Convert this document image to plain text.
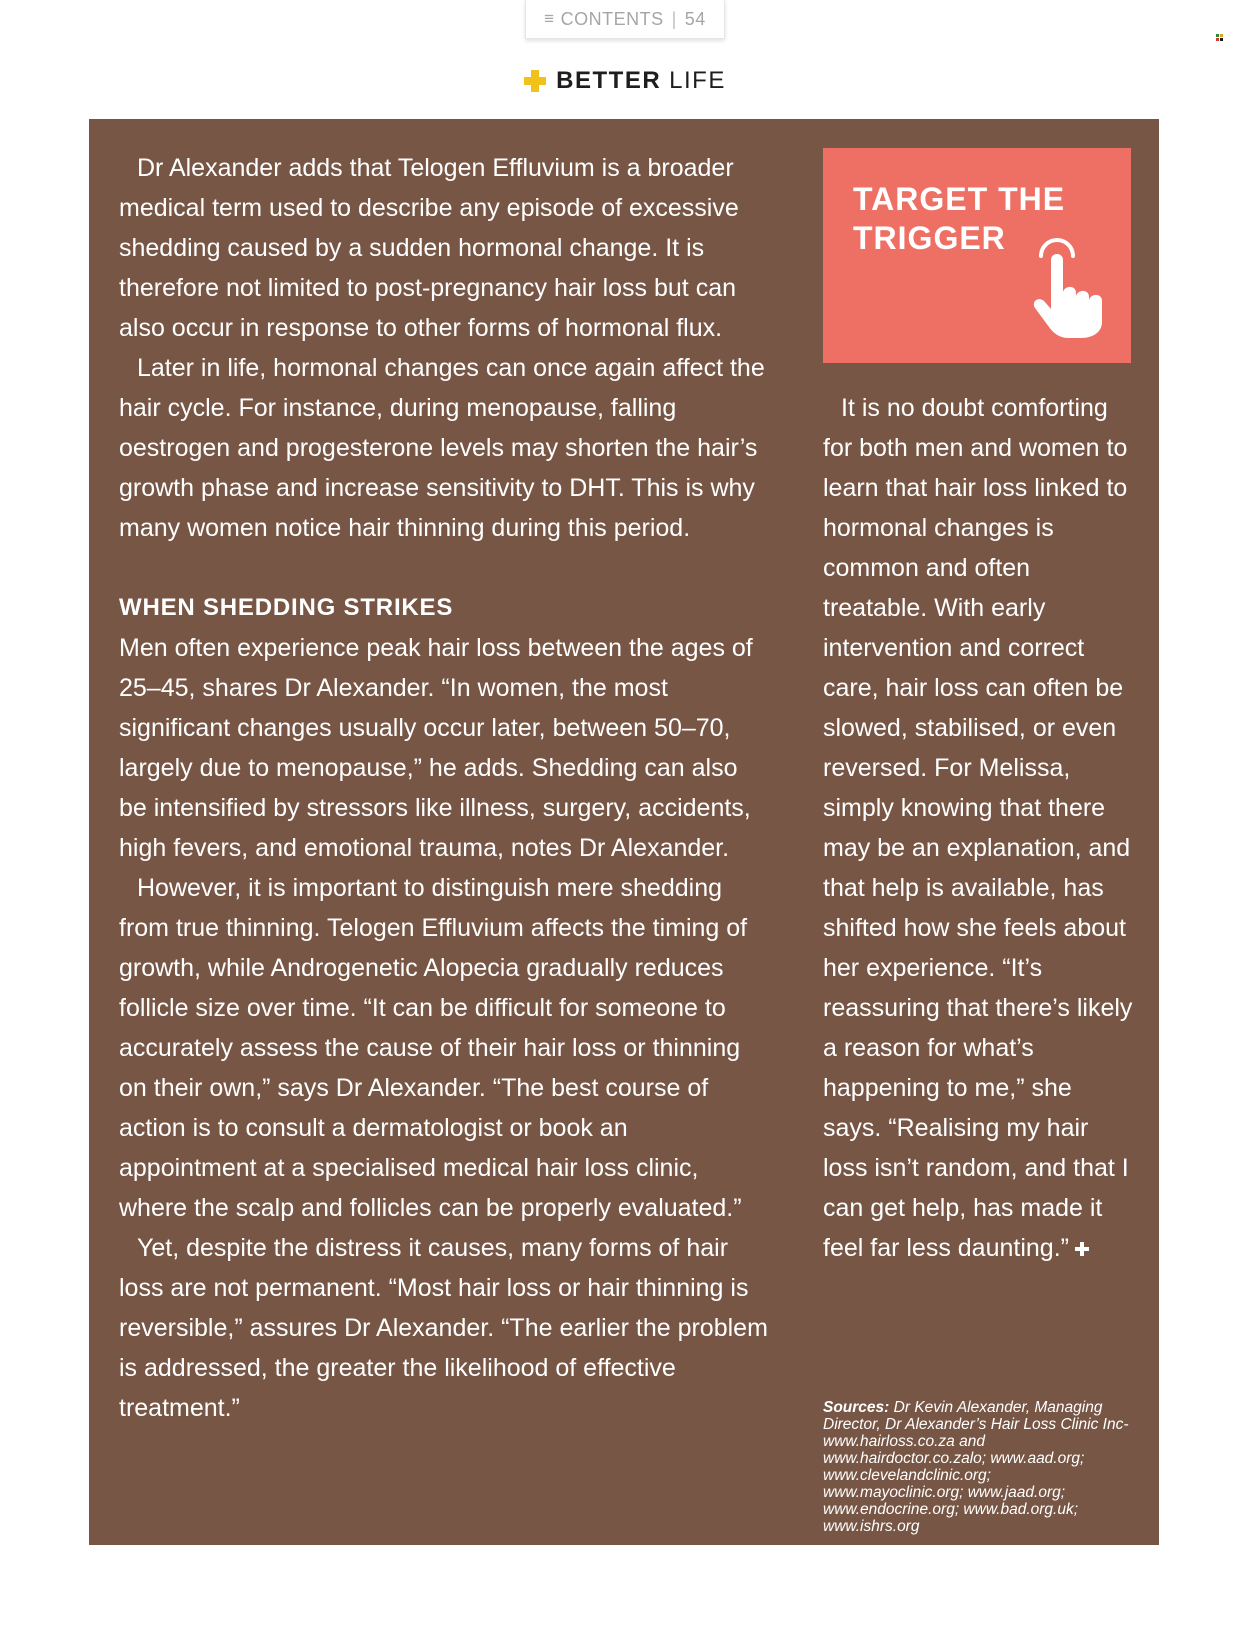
≡ CONTENTS | 54
BETTER LIFE

Dr Alexander adds that Telogen Effluvium is a broader medical term used to describe any episode of excessive shedding caused by a sudden hormonal change. It is therefore not limited to post-pregnancy hair loss but can also occur in response to other forms of hormonal flux.

Later in life, hormonal changes can once again affect the hair cycle. For instance, during menopause, falling oestrogen and progesterone levels may shorten the hair’s growth phase and increase sensitivity to DHT. This is why many women notice hair thinning during this period.

WHEN SHEDDING STRIKES

Men often experience peak hair loss between the ages of 25–45, shares Dr Alexander. “In women, the most significant changes usually occur later, between 50–70, largely due to menopause,” he adds. Shedding can also be intensified by stressors like illness, surgery, accidents, high fevers, and emotional trauma, notes Dr Alexander.

However, it is important to distinguish mere shedding from true thinning. Telogen Effluvium affects the timing of growth, while Androgenetic Alopecia gradually reduces follicle size over time. “It can be difficult for someone to accurately assess the cause of their hair loss or thinning on their own,” says Dr Alexander. “The best course of action is to consult a dermatologist or book an appointment at a specialised medical hair loss clinic, where the scalp and follicles can be properly evaluated.”

Yet, despite the distress it causes, many forms of hair loss are not permanent. “Most hair loss or hair thinning is reversible,” assures Dr Alexander. “The earlier the problem is addressed, the greater the likelihood of effective treatment.”

TARGET THE
TRIGGER

It is no doubt comforting for both men and women to learn that hair loss linked to hormonal changes is common and often treatable. With early intervention and correct care, hair loss can often be slowed, stabilised, or even reversed. For Melissa, simply knowing that there may be an explanation, and that help is available, has shifted how she feels about her experience. “It’s reassuring that there’s likely a reason for what’s happening to me,” she says. “Realising my hair loss isn’t random, and that I can get help, has made it feel far less daunting.”

Sources: Dr Kevin Alexander, Managing Director, Dr Alexander’s Hair Loss Clinic Inc- www.hairloss.co.za and www.hairdoctor.co.zalo; www.aad.org; www.clevelandclinic.org; www.mayoclinic.org; www.jaad.org; www.endocrine.org; www.bad.org.uk; www.ishrs.org
